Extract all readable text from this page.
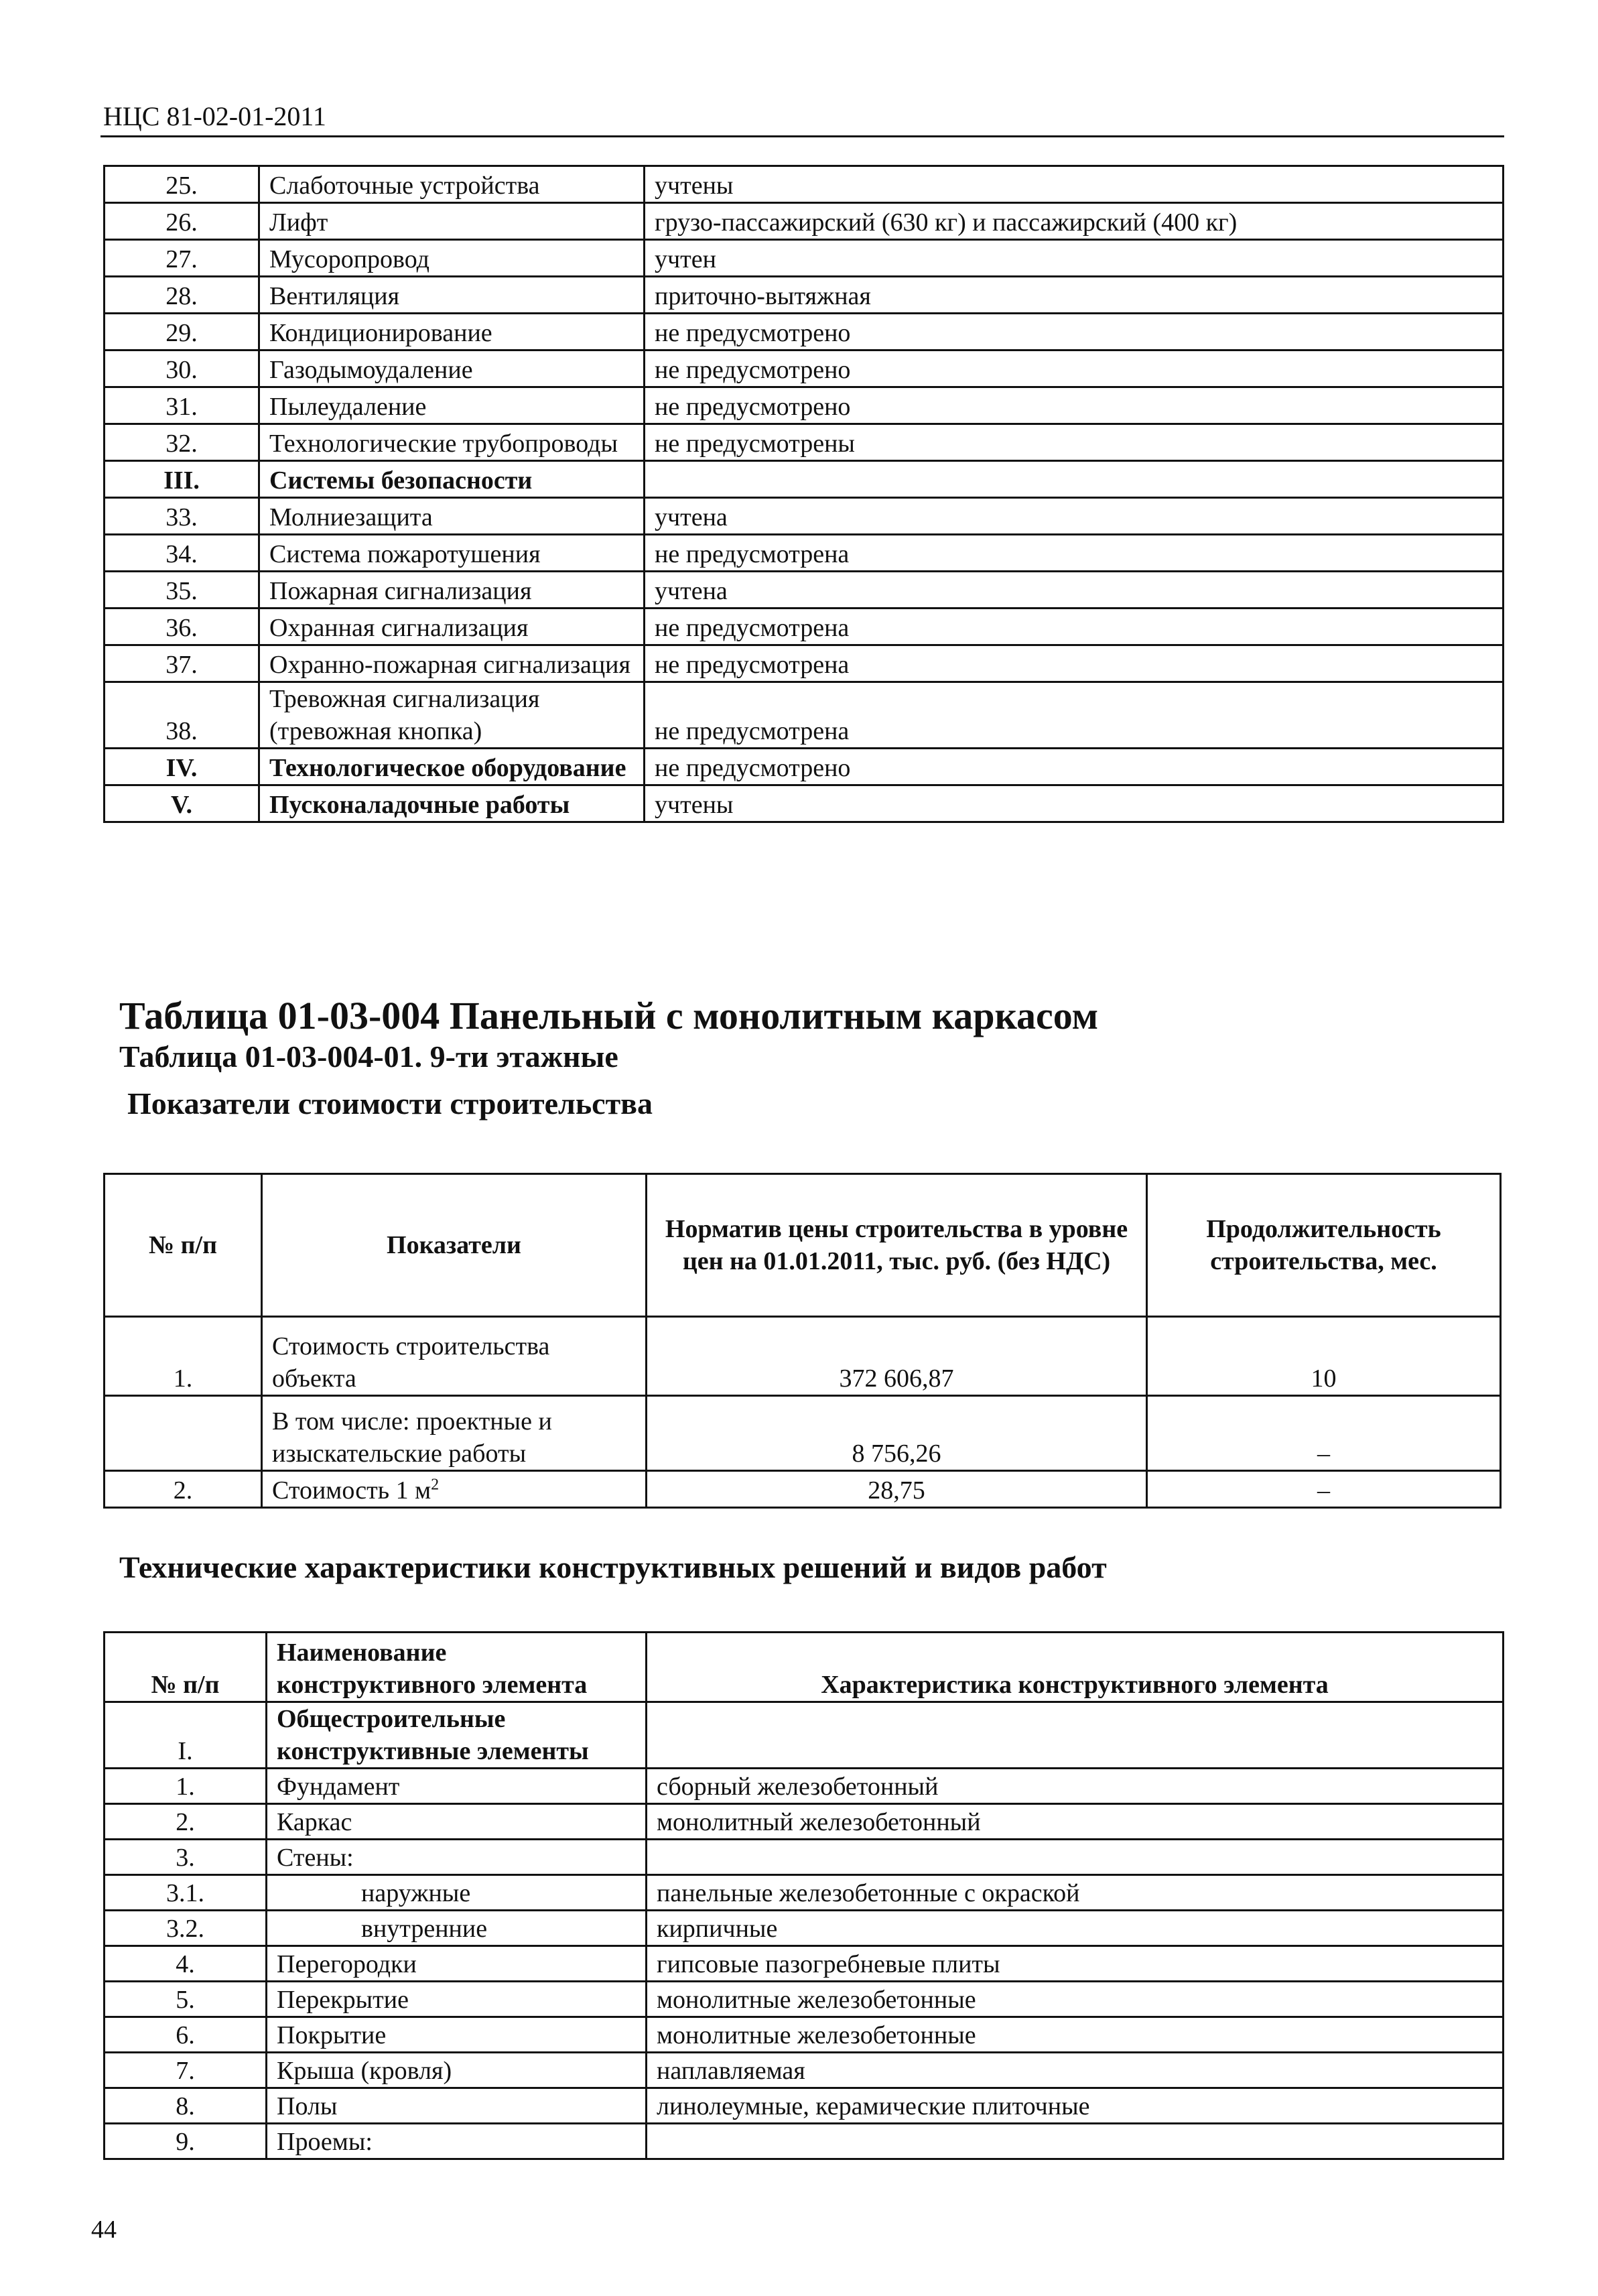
НЦС 81-02-01-2011
25.	Слаботочные устройства	учтены
26.	Лифт	грузо-пассажирский (630 кг) и пассажирский (400 кг)
27.	Мусоропровод	учтен
28.	Вентиляция	приточно-вытяжная
29.	Кондиционирование	не предусмотрено
30.	Газодымоудаление	не предусмотрено
31.	Пылеудаление	не предусмотрено
32.	Технологические трубопроводы	не предусмотрены
III.	Системы безопасности	
33.	Молниезащита	учтена
34.	Система пожаротушения	не предусмотрена
35.	Пожарная сигнализация	учтена
36.	Охранная сигнализация	не предусмотрена
37.	Охранно-пожарная сигнализация	не предусмотрена
38.	Тревожная сигнализация (тревожная кнопка)	не предусмотрена
IV.	Технологическое оборудование	не предусмотрено
V.	Пусконаладочные работы	учтены
Таблица 01-03-004 Панельный с монолитным каркасом
Таблица 01-03-004-01. 9-ти этажные
Показатели стоимости строительства
№ п/п	Показатели	Норматив цены строительства в уровне цен на 01.01.2011, тыс. руб. (без НДС)	Продолжительность строительства, мес.
1.	Стоимость строительства объекта	372 606,87	10
	В том числе: проектные и изыскательские работы	8 756,26	–
2.	Стоимость 1 $м^2$	28,75	–
Технические характеристики конструктивных решений и видов работ
№ п/п	Наименование конструктивного элемента	Характеристика конструктивного элемента
I.	Общестроительные конструктивные элементы	
1.	Фундамент	сборный железобетонный
2.	Каркас	монолитный железобетонный
3.	Стены:	
3.1.	наружные	панельные железобетонные с окраской
3.2.	внутренние	кирпичные
4.	Перегородки	гипсовые пазогребневые плиты
5.	Перекрытие	монолитные железобетонные
6.	Покрытие	монолитные железобетонные
7.	Крыша (кровля)	наплавляемая
8.	Полы	линолеумные, керамические плиточные
9.	Проемы:	
44
